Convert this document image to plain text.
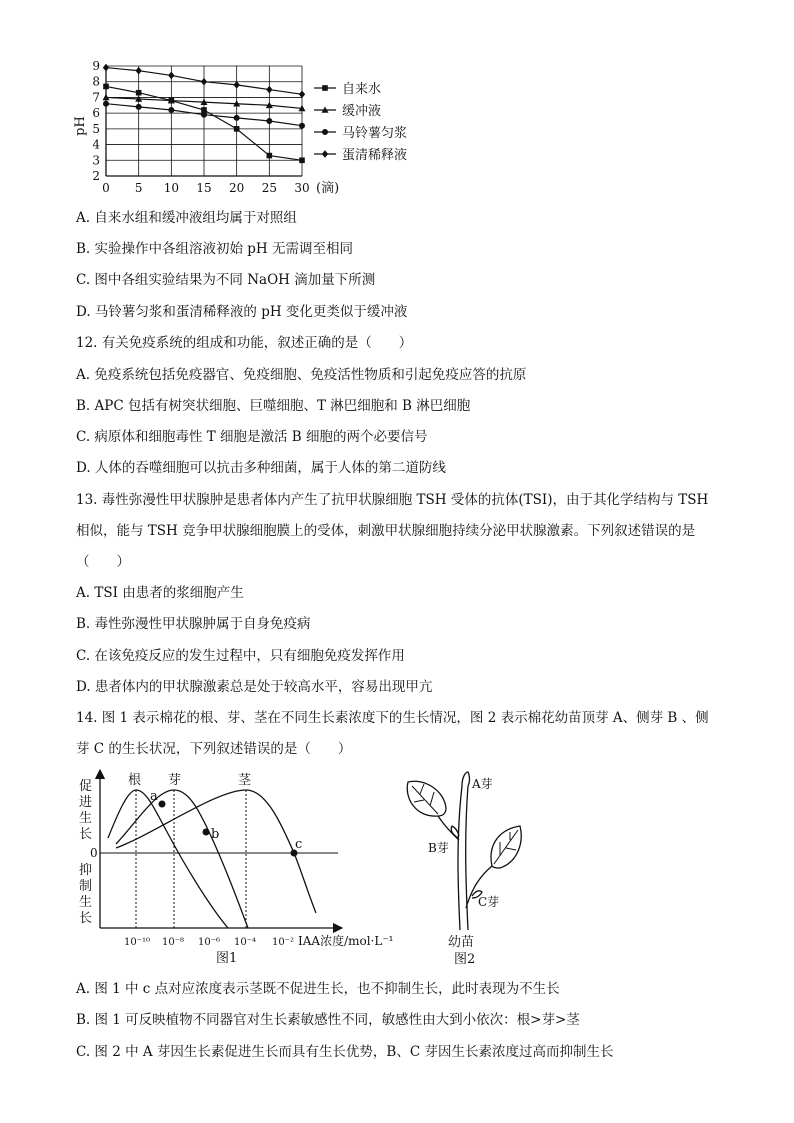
pH
(滴)
2
3
4
5
6
7
8
9
0 5 10 15 20 25 30
自来水
缓冲液
马铃薯匀浆
蛋清稀释液
A. 自来水组和缓冲液组均属于对照组
B. 实验操作中各组溶液初始 pH 无需调至相同
C. 图中各组实验结果为不同 NaOH 滴加量下所测
D. 马铃薯匀浆和蛋清稀释液的 pH 变化更类似于缓冲液
12. 有关免疫系统的组成和功能，叙述正确的是（　　）
A. 免疫系统包括免疫器官、免疫细胞、免疫活性物质和引起免疫应答的抗原
B. APC 包括有树突状细胞、巨噬细胞、T 淋巴细胞和 B 淋巴细胞
C. 病原体和细胞毒性 T 细胞是激活 B 细胞的两个必要信号
D. 人体的吞噬细胞可以抗击多种细菌，属于人体的第二道防线
13. 毒性弥漫性甲状腺肿是患者体内产生了抗甲状腺细胞 TSH 受体的抗体(TSI)，由于其化学结构与 TSH
相似，能与 TSH 竞争甲状腺细胞膜上的受体，刺激甲状腺细胞持续分泌甲状腺激素。下列叙述错误的是
（　　）
A. TSI 由患者的浆细胞产生
B. 毒性弥漫性甲状腺肿属于自身免疫病
C. 在该免疫反应的发生过程中，只有细胞免疫发挥作用
D. 患者体内的甲状腺激素总是处于较高水平，容易出现甲亢
14. 图 1 表示棉花的根、芽、茎在不同生长素浓度下的生长情况，图 2 表示棉花幼苗顶芽 A、侧芽 B 、侧
芽 C 的生长状况，下列叙述错误的是（　　）
0
促进生长
抑制生长
根 芽	茎
a
b
c
10⁻¹⁰ 10⁻⁸ 10⁻⁶ 10⁻⁴ 10⁻² IAA浓度/mol·L⁻¹
图1
A芽
B芽
C芽
幼苗
图2
A. 图 1 中 c 点对应浓度表示茎既不促进生长，也不抑制生长，此时表现为不生长
B. 图 1 可反映植物不同器官对生长素敏感性不同，敏感性由大到小依次：根>芽>茎
C. 图 2 中 A 芽因生长素促进生长而具有生长优势，B、C 芽因生长素浓度过高而抑制生长
